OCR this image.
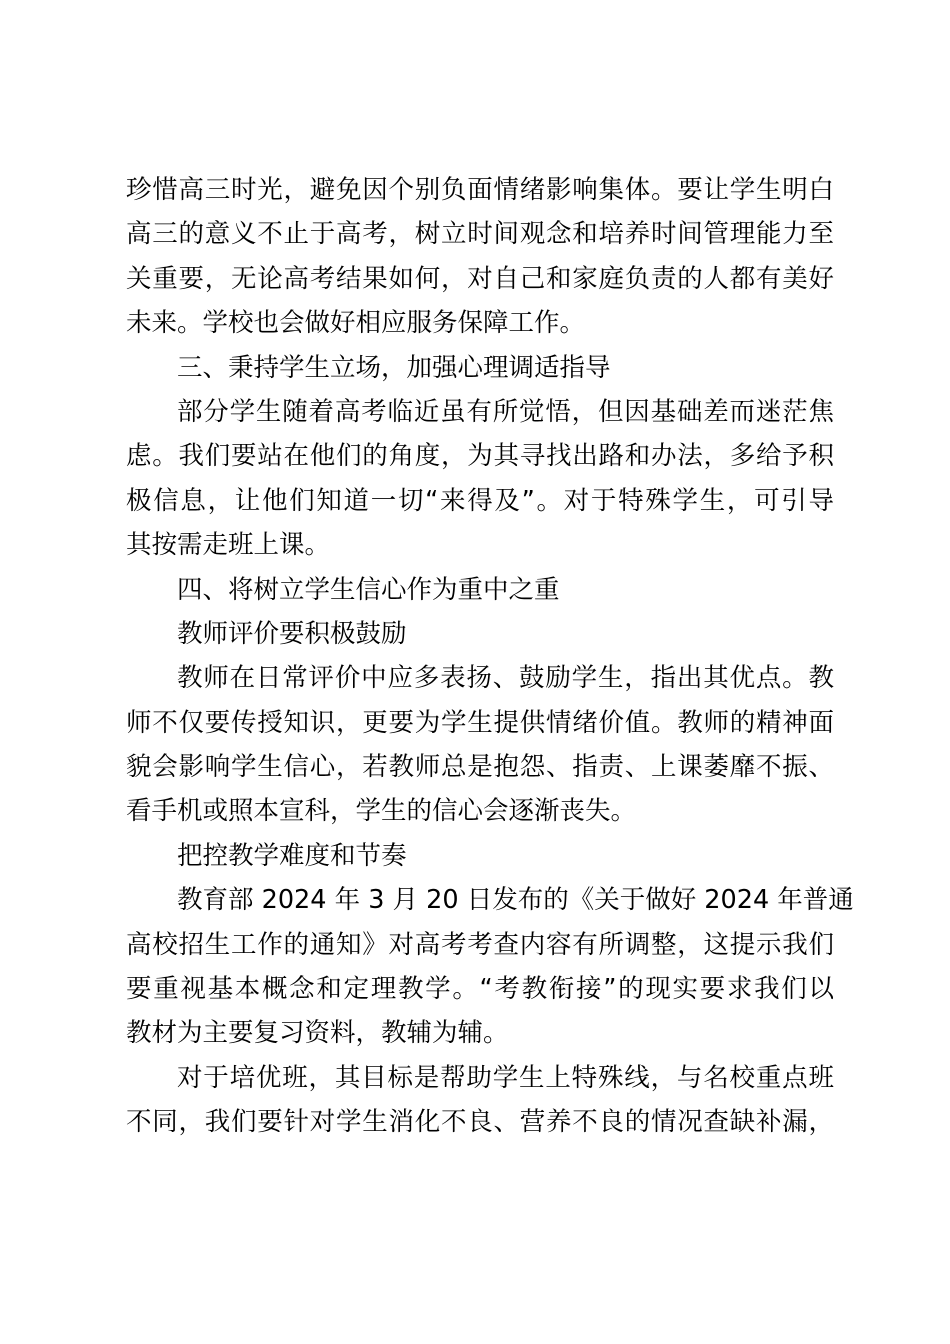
珍惜高三时光，避免因个别负面情绪影响集体。要让学生明白
高三的意义不止于高考，树立时间观念和培养时间管理能力至
关重要，无论高考结果如何，对自己和家庭负责的人都有美好
未来。学校也会做好相应服务保障工作。
三、秉持学生立场，加强心理调适指导
部分学生随着高考临近虽有所觉悟，但因基础差而迷茫焦
虑。我们要站在他们的角度，为其寻找出路和办法，多给予积
极信息，让他们知道一切“来得及”。对于特殊学生，可引导
其按需走班上课。
四、将树立学生信心作为重中之重
教师评价要积极鼓励
教师在日常评价中应多表扬、鼓励学生，指出其优点。教
师不仅要传授知识，更要为学生提供情绪价值。教师的精神面
貌会影响学生信心，若教师总是抱怨、指责、上课萎靡不振、
看手机或照本宣科，学生的信心会逐渐丧失。
把控教学难度和节奏
教育部 2024 年 3 月 20 日发布的《关于做好 2024 年普通
高校招生工作的通知》对高考考查内容有所调整，这提示我们
要重视基本概念和定理教学。“考教衔接”的现实要求我们以
教材为主要复习资料，教辅为辅。
对于培优班，其目标是帮助学生上特殊线，与名校重点班
不同，我们要针对学生消化不良、营养不良的情况查缺补漏，
